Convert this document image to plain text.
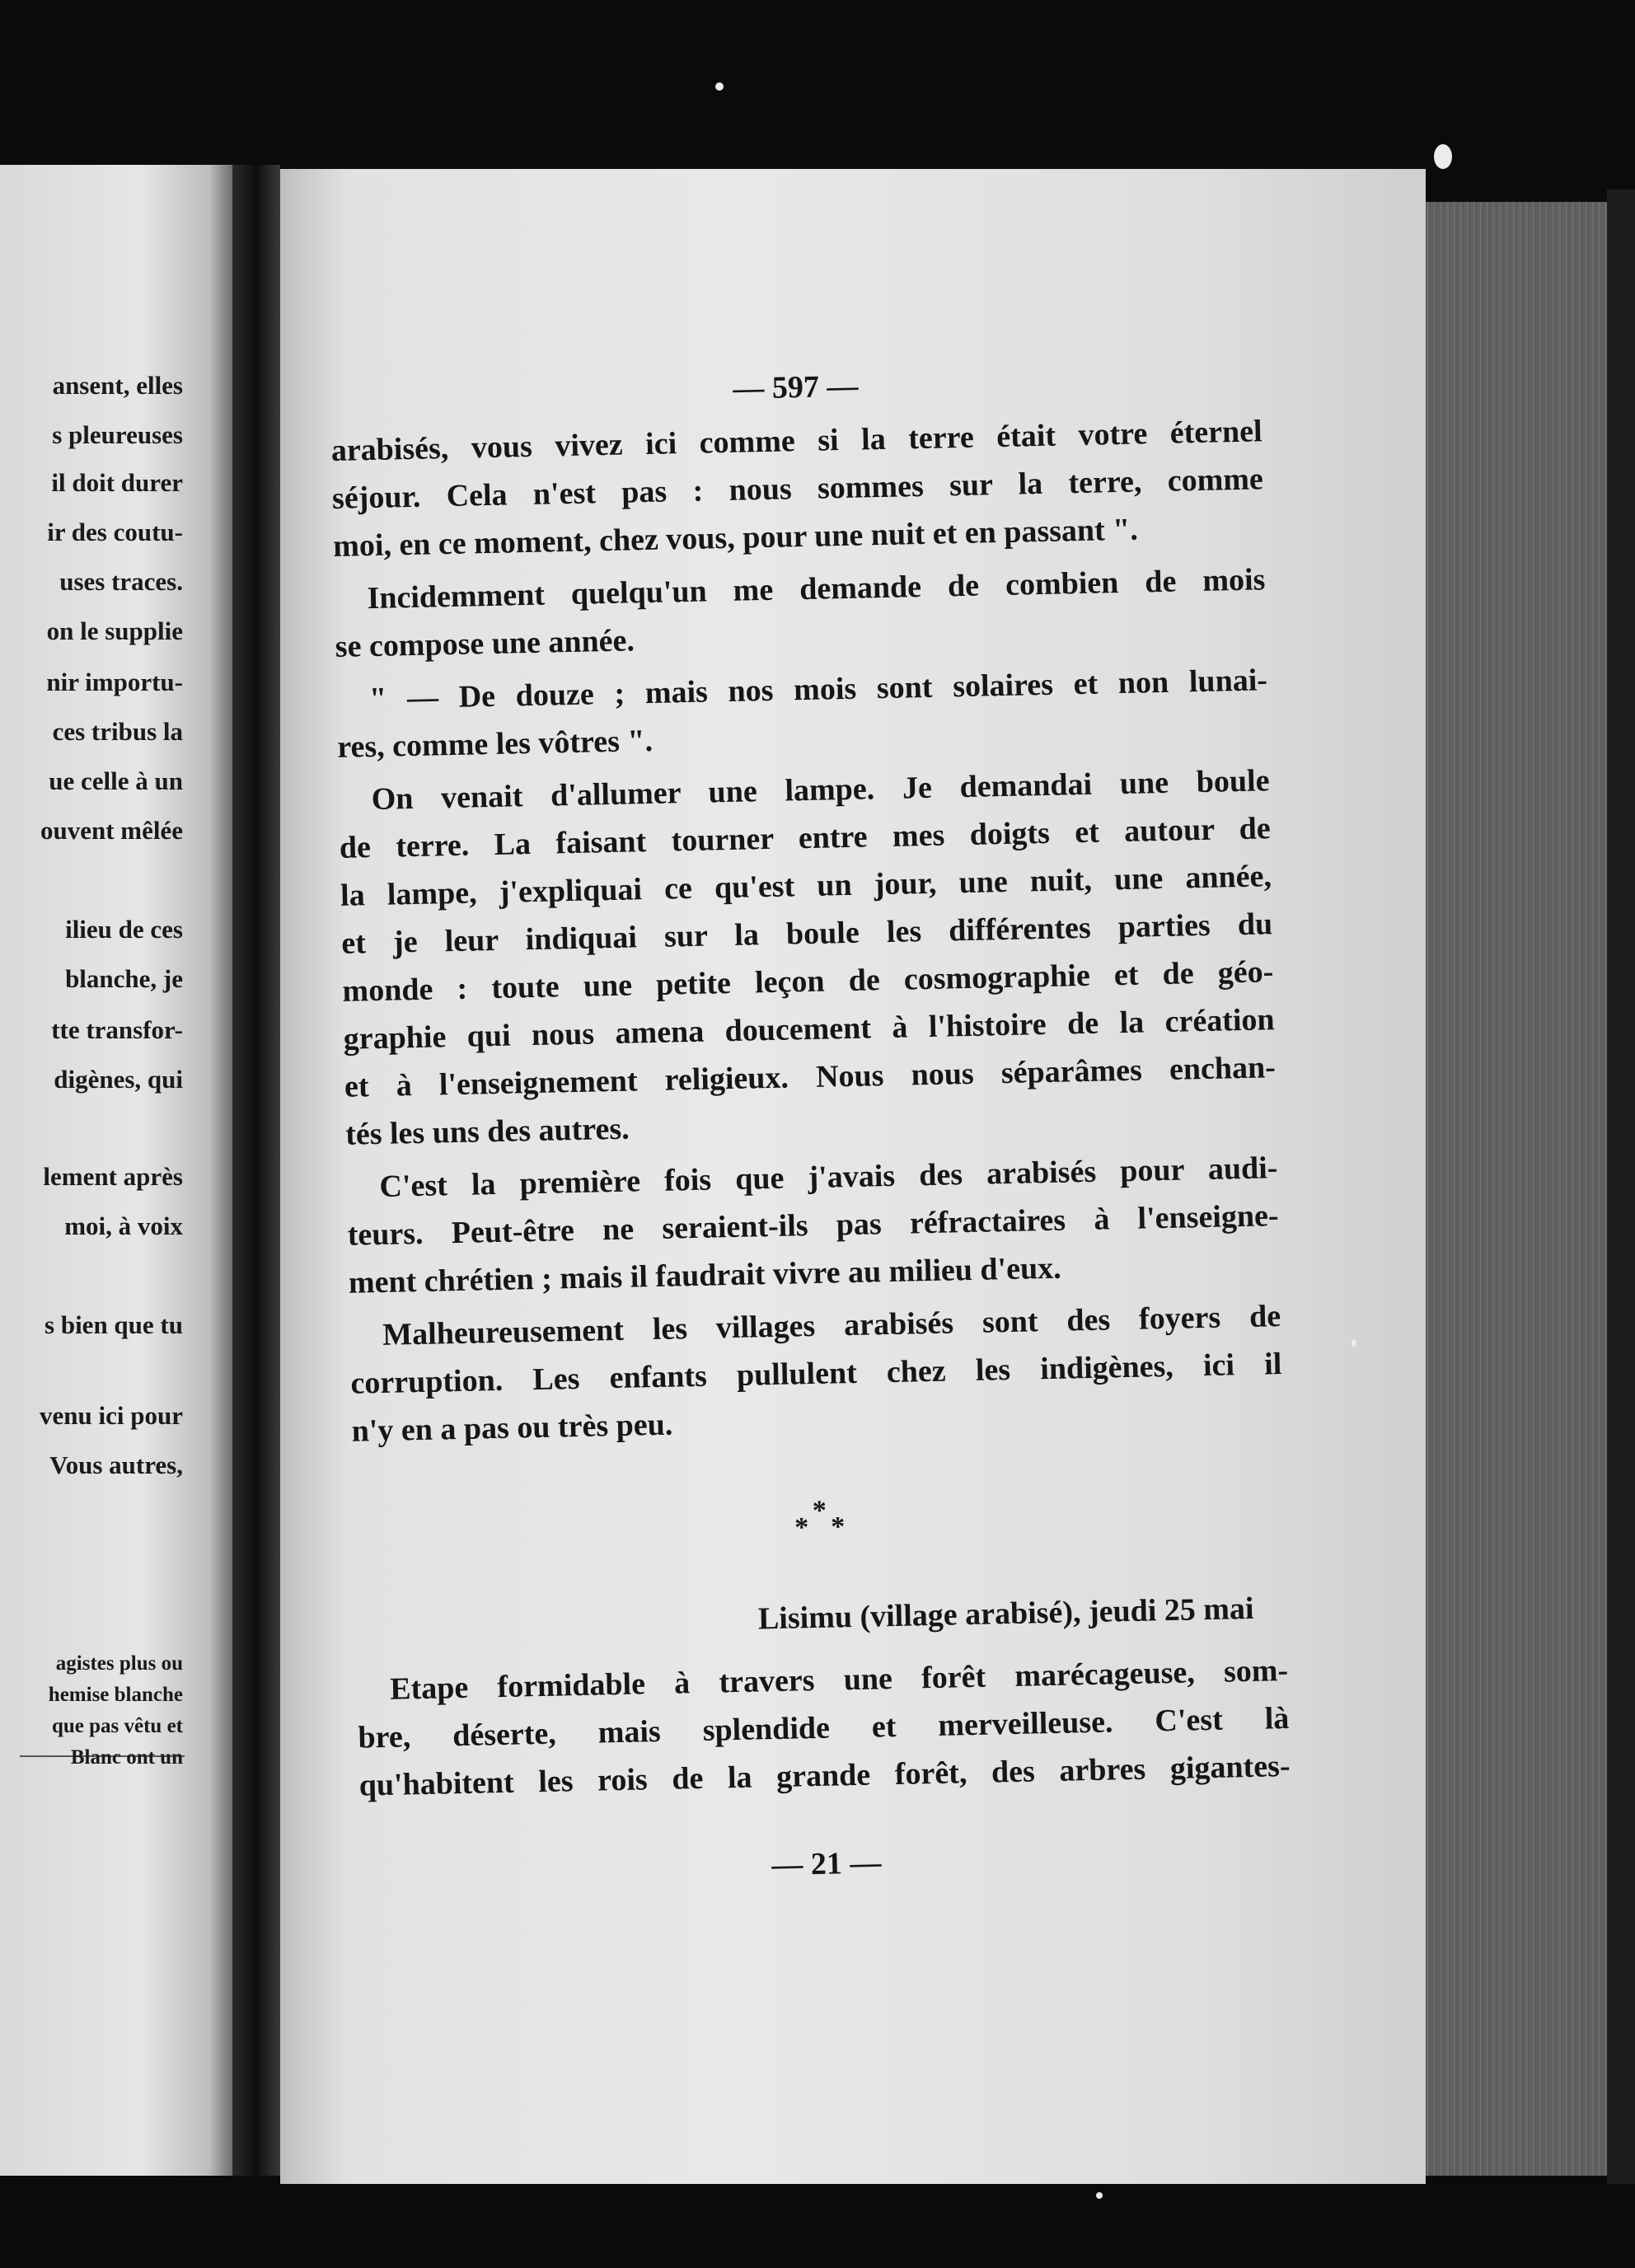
ansent, elles
s pleureuses
il doit durer
ir des coutu-
uses traces.
on le supplie
nir importu-
ces tribus la
ue celle à un
ouvent mêlée
ilieu de ces
blanche, je
tte transfor-
digènes, qui
lement après
moi, à voix
s bien que tu
venu ici pour
Vous autres,
agistes plus ou
hemise blanche
que pas vêtu et
Blanc ont un
— 597 —
arabisés, vous vivez ici comme si la terre était votre éternel
séjour. Cela n'est pas : nous sommes sur la terre, comme
moi, en ce moment, chez vous, pour une nuit et en passant ".
Incidemment quelqu'un me demande de combien de mois
se compose une année.
" — De douze ; mais nos mois sont solaires et non lunai-
res, comme les vôtres ".
On venait d'allumer une lampe. Je demandai une boule
de terre. La faisant tourner entre mes doigts et autour de
la lampe, j'expliquai ce qu'est un jour, une nuit, une année,
et je leur indiquai sur la boule les différentes parties du
monde : toute une petite leçon de cosmographie et de géo-
graphie qui nous amena doucement à l'histoire de la création
et à l'enseignement religieux. Nous nous séparâmes enchan-
tés les uns des autres.
C'est la première fois que j'avais des arabisés pour audi-
teurs. Peut-être ne seraient-ils pas réfractaires à l'enseigne-
ment chrétien ; mais il faudrait vivre au milieu d'eux.
Malheureusement les villages arabisés sont des foyers de
corruption. Les enfants pullulent chez les indigènes, ici il
n'y en a pas ou très peu.
*
* *
Lisimu (village arabisé), jeudi 25 mai
Etape formidable à travers une forêt marécageuse, som-
bre, déserte, mais splendide et merveilleuse. C'est là
qu'habitent les rois de la grande forêt, des arbres gigantes-
— 21 —
